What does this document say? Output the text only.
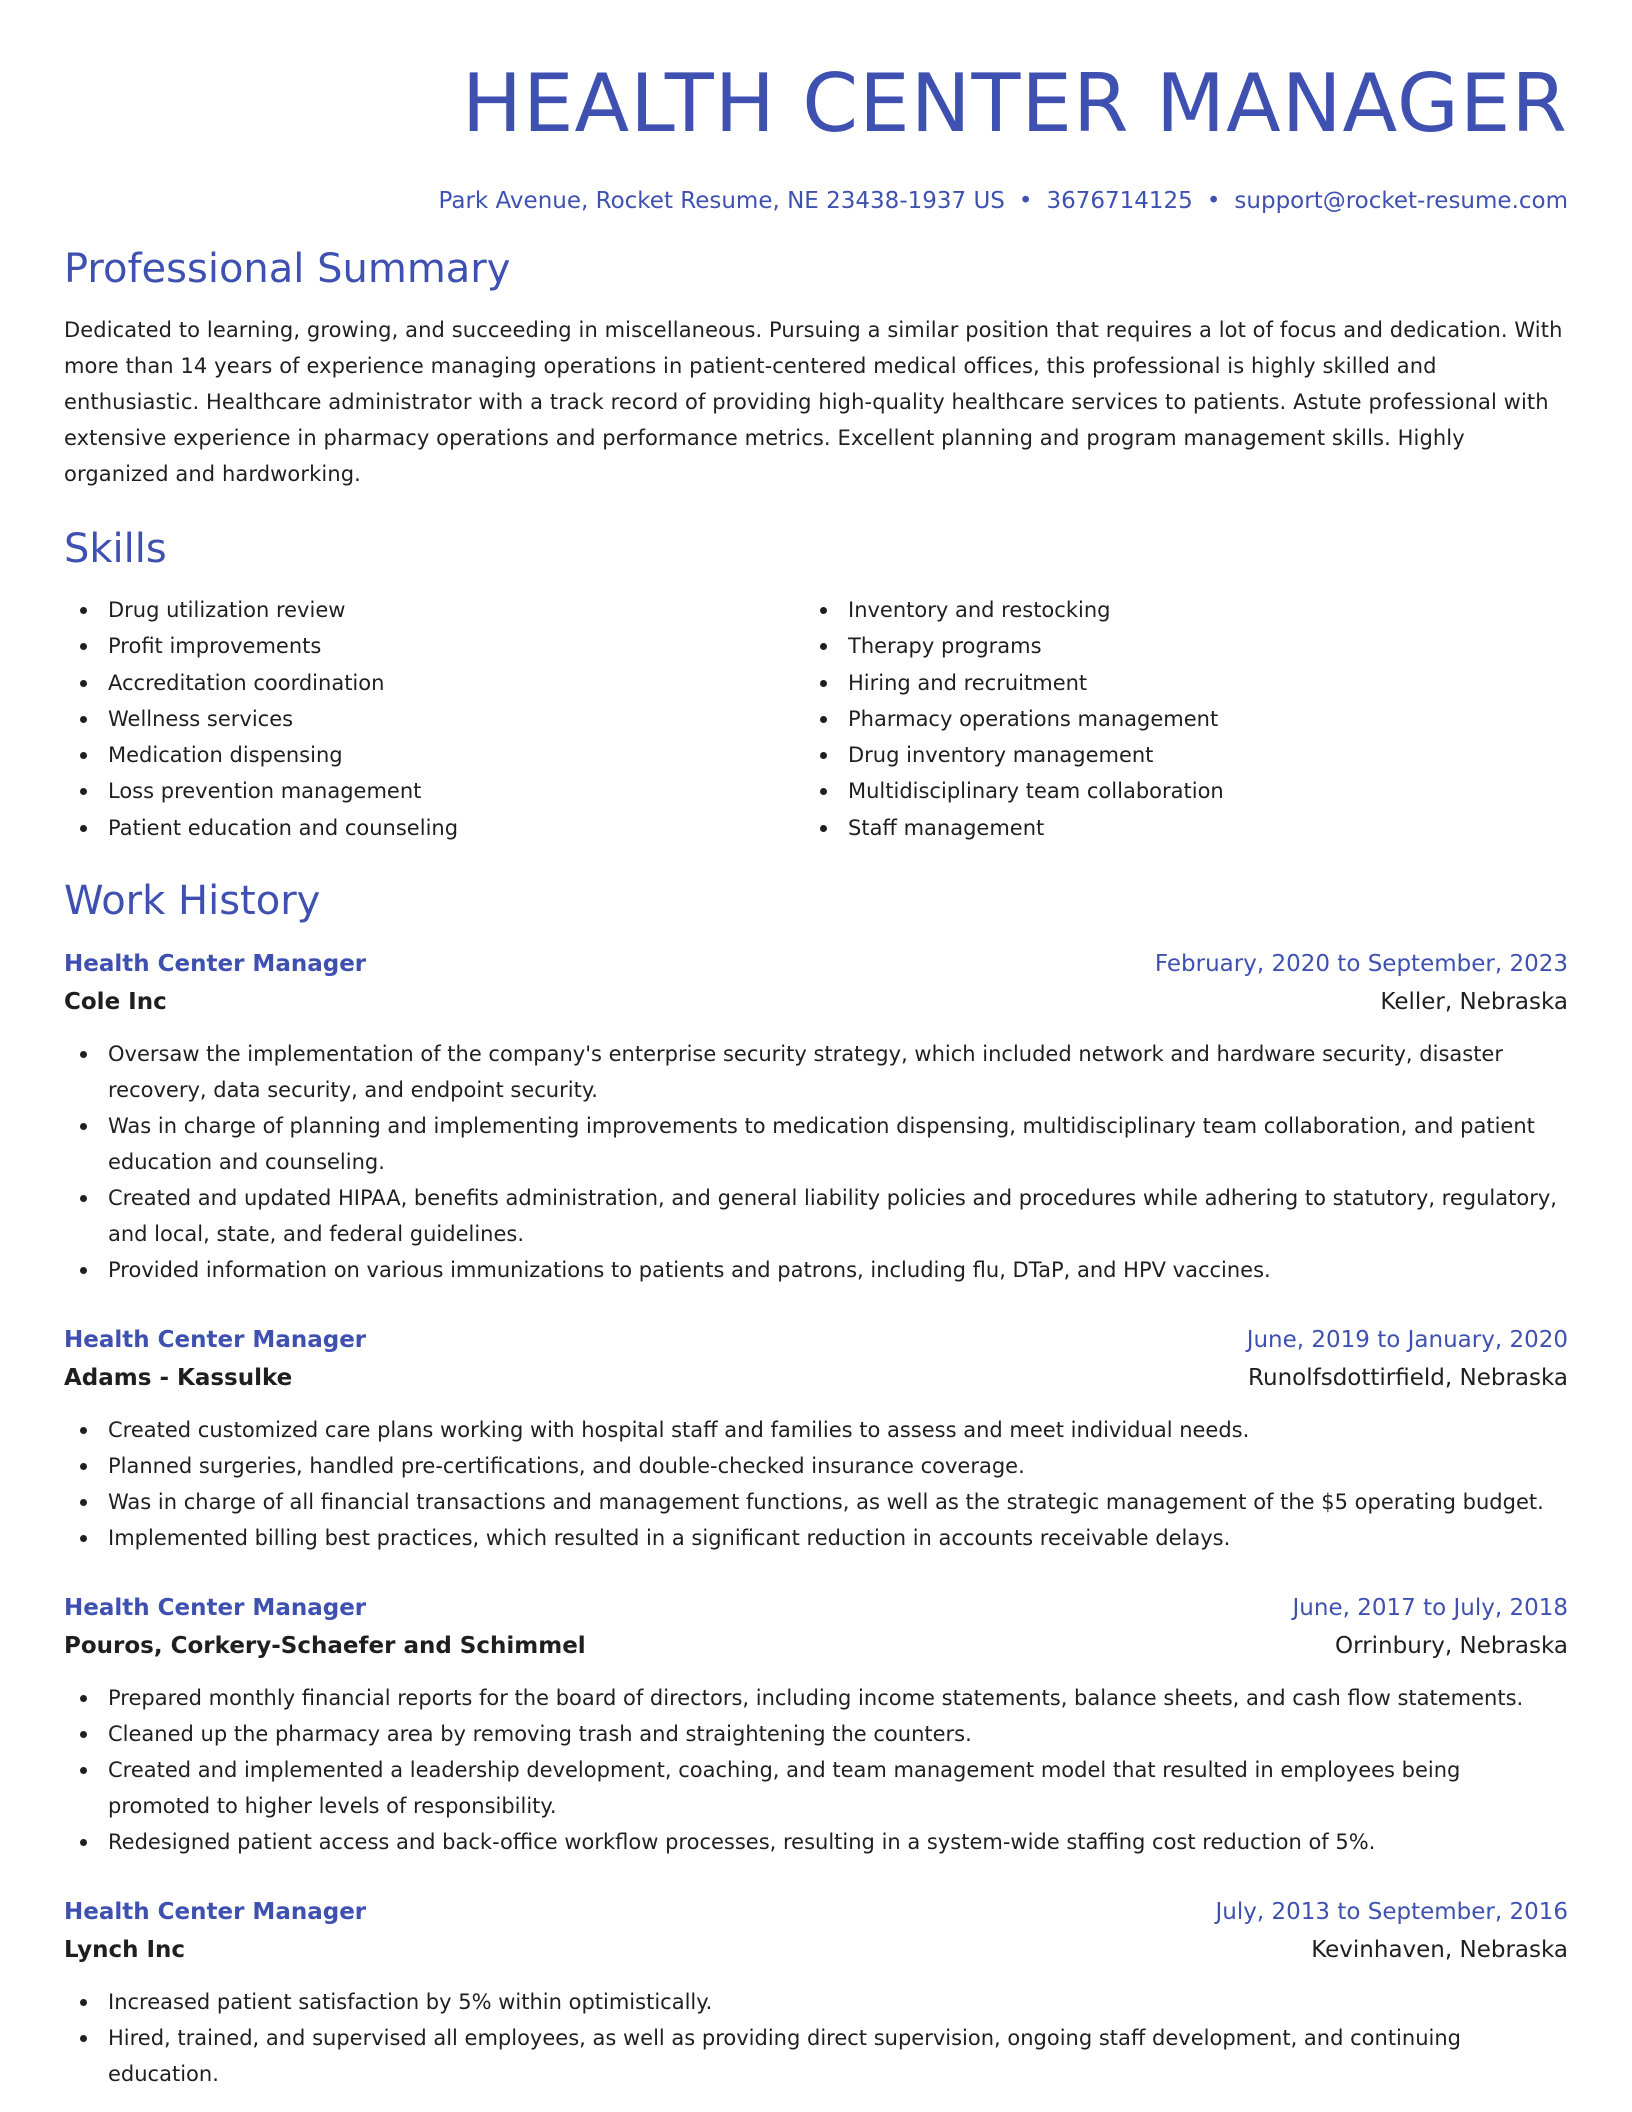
HEALTH CENTER MANAGER
Park Avenue, Rocket Resume, NE 23438-1937 US • 3676714125 • support@rocket-resume.com
Professional Summary

Dedicated to learning, growing, and succeeding in miscellaneous. Pursuing a similar position that requires a lot of focus and dedication. With more than 14 years of experience managing operations in patient-centered medical offices, this professional is highly skilled and enthusiastic. Healthcare administrator with a track record of providing high-quality healthcare services to patients. Astute professional with extensive experience in pharmacy operations and performance metrics. Excellent planning and program management skills. Highly organized and hardworking.

Skills
Drug utilization review
Profit improvements
Accreditation coordination
Wellness services
Medication dispensing
Loss prevention management
Patient education and counseling
Inventory and restocking
Therapy programs
Hiring and recruitment
Pharmacy operations management
Drug inventory management
Multidisciplinary team collaboration
Staff management
Work History
Health Center Manager	February, 2020 to September, 2023
Cole Inc	Keller, Nebraska
Oversaw the implementation of the company's enterprise security strategy, which included network and hardware security, disaster recovery, data security, and endpoint security.
Was in charge of planning and implementing improvements to medication dispensing, multidisciplinary team collaboration, and patient education and counseling.
Created and updated HIPAA, benefits administration, and general liability policies and procedures while adhering to statutory, regulatory, and local, state, and federal guidelines.
Provided information on various immunizations to patients and patrons, including flu, DTaP, and HPV vaccines.
Health Center Manager	June, 2019 to January, 2020
Adams - Kassulke	Runolfsdottirfield, Nebraska
Created customized care plans working with hospital staff and families to assess and meet individual needs.
Planned surgeries, handled pre-certifications, and double-checked insurance coverage.
Was in charge of all financial transactions and management functions, as well as the strategic management of the $5 operating budget.
Implemented billing best practices, which resulted in a significant reduction in accounts receivable delays.
Health Center Manager	June, 2017 to July, 2018
Pouros, Corkery-Schaefer and Schimmel	Orrinbury, Nebraska
Prepared monthly financial reports for the board of directors, including income statements, balance sheets, and cash flow statements.
Cleaned up the pharmacy area by removing trash and straightening the counters.
Created and implemented a leadership development, coaching, and team management model that resulted in employees being promoted to higher levels of responsibility.
Redesigned patient access and back-office workflow processes, resulting in a system-wide staffing cost reduction of 5%.
Health Center Manager	July, 2013 to September, 2016
Lynch Inc	Kevinhaven, Nebraska
Increased patient satisfaction by 5% within optimistically.
Hired, trained, and supervised all employees, as well as providing direct supervision, ongoing staff development, and continuing education.
